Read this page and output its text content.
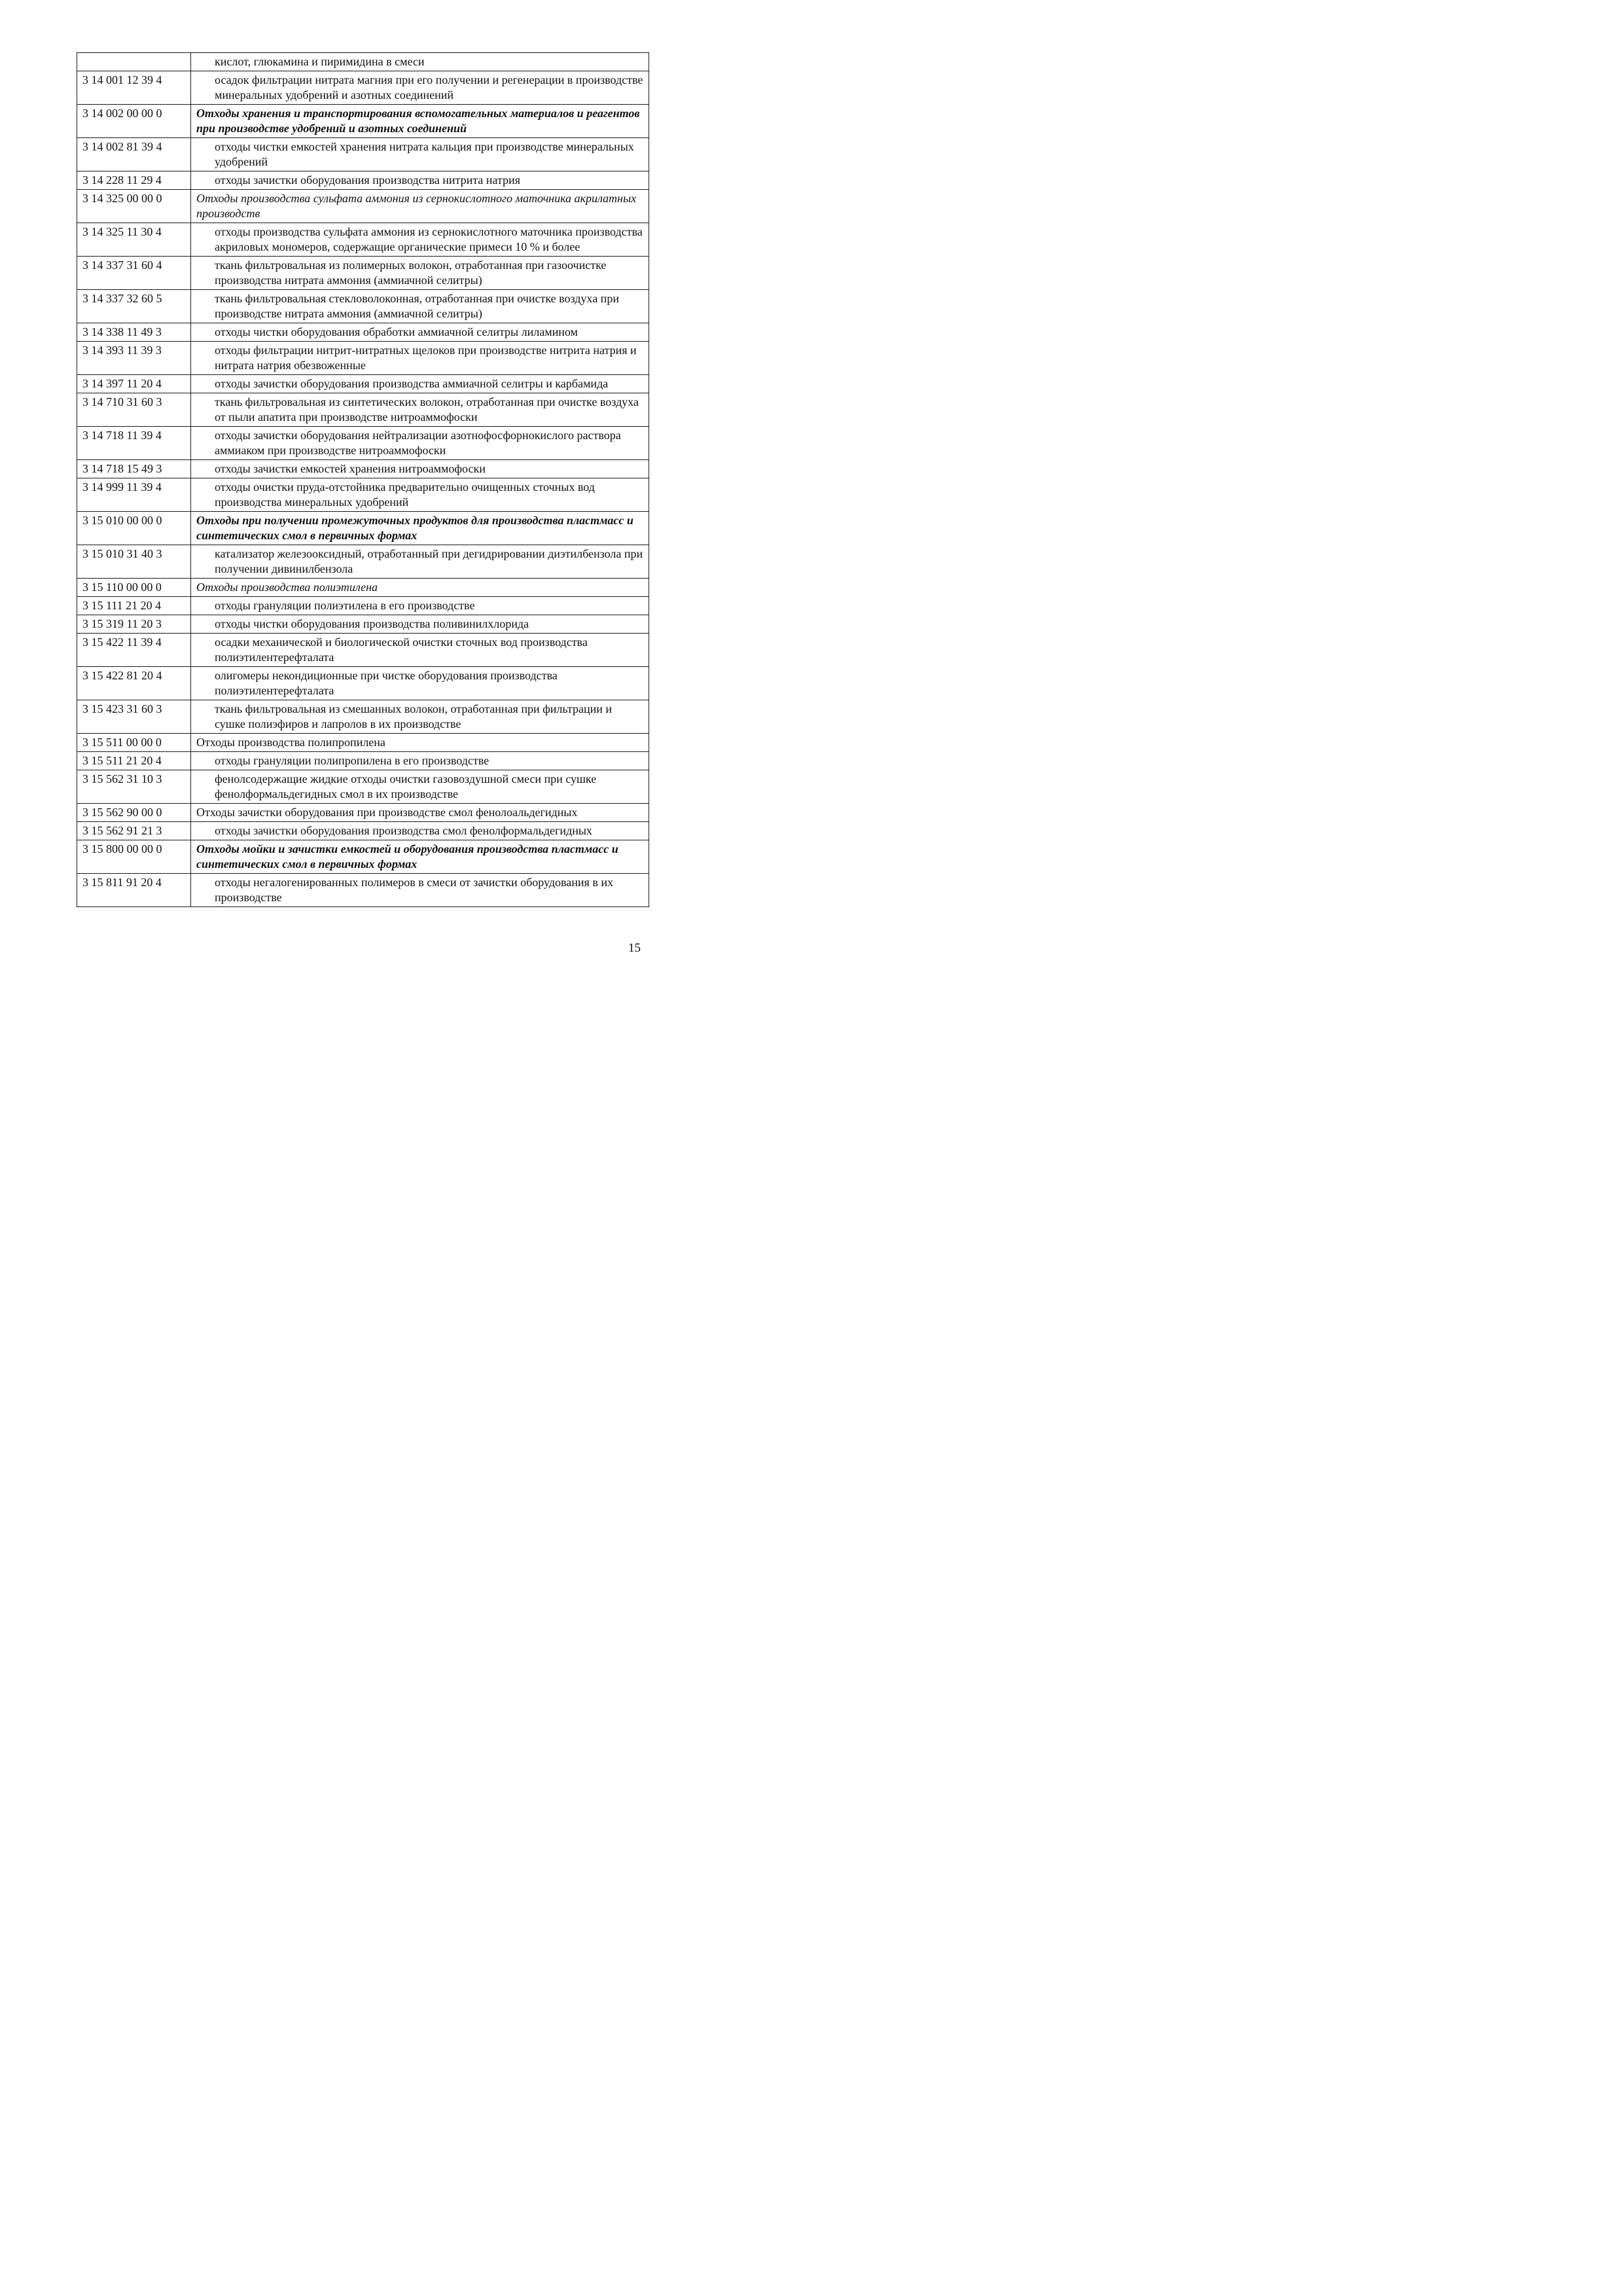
	кислот, глюкамина и пиримидина в смеси
3 14 001 12 39 4	осадок фильтрации нитрата магния при его получении и регенерации в производстве минеральных удобрений и азотных соединений
3 14 002 00 00 0	Отходы хранения и транспортирования вспомогательных материалов и реагентов при производстве удобрений и азотных соединений
3 14 002 81 39 4	отходы чистки емкостей хранения нитрата кальция при производстве минеральных удобрений
3 14 228 11 29 4	отходы зачистки оборудования производства нитрита натрия
3 14 325 00 00 0	Отходы производства сульфата аммония из сернокислотного маточника акрилатных производств
3 14 325 11 30 4	отходы производства сульфата аммония из сернокислотного маточника производства акриловых мономеров, содержащие органические примеси 10 % и более
3 14 337 31 60 4	ткань фильтровальная из полимерных волокон, отработанная при газоочистке производства нитрата аммония (аммиачной селитры)
3 14 337 32 60 5	ткань фильтровальная стекловолоконная, отработанная при очистке воздуха при производстве нитрата аммония (аммиачной селитры)
3 14 338 11 49 3	отходы чистки оборудования обработки аммиачной селитры лиламином
3 14 393 11 39 3	отходы фильтрации нитрит-нитратных щелоков при производстве нитрита натрия и нитрата натрия обезвоженные
3 14 397 11 20 4	отходы зачистки оборудования производства аммиачной селитры и карбамида
3 14 710 31 60 3	ткань фильтровальная из синтетических волокон, отработанная при очистке воздуха от пыли апатита при производстве нитроаммофоски
3 14 718 11 39 4	отходы зачистки оборудования нейтрализации азотнофосфорнокислого раствора аммиаком при производстве нитроаммофоски
3 14 718 15 49 3	отходы зачистки емкостей хранения нитроаммофоски
3 14 999 11 39 4	отходы очистки пруда-отстойника предварительно очищенных сточных вод производства минеральных удобрений
3 15 010 00 00 0	Отходы при получении промежуточных продуктов для производства пластмасс и синтетических смол в первичных формах
3 15 010 31 40 3	катализатор железооксидный, отработанный при дегидрировании диэтилбензола при получении дивинилбензола
3 15 110 00 00 0	Отходы производства полиэтилена
3 15 111 21 20 4	отходы грануляции полиэтилена в его производстве
3 15 319 11 20 3	отходы чистки оборудования производства поливинилхлорида
3 15 422 11 39 4	осадки механической и биологической очистки сточных вод производства полиэтилентерефталата
3 15 422 81 20 4	олигомеры некондиционные при чистке оборудования производства полиэтилентерефталата
3 15 423 31 60 3	ткань фильтровальная из смешанных волокон, отработанная при фильтрации и сушке полиэфиров и лапролов в их производстве
3 15 511 00 00 0	Отходы производства полипропилена
3 15 511 21 20 4	отходы грануляции полипропилена в его производстве
3 15 562 31 10 3	фенолсодержащие жидкие отходы очистки газовоздушной смеси при сушке фенолформальдегидных смол в их производстве
3 15 562 90 00 0	Отходы зачистки оборудования при производстве смол фенолоальдегидных
3 15 562 91 21 3	отходы зачистки оборудования производства смол фенолформальдегидных
3 15 800 00 00 0	Отходы мойки и зачистки емкостей и оборудования производства пластмасс и синтетических смол в первичных формах
3 15 811 91 20 4	отходы негалогенированных полимеров в смеси от зачистки оборудования в их производстве
15
